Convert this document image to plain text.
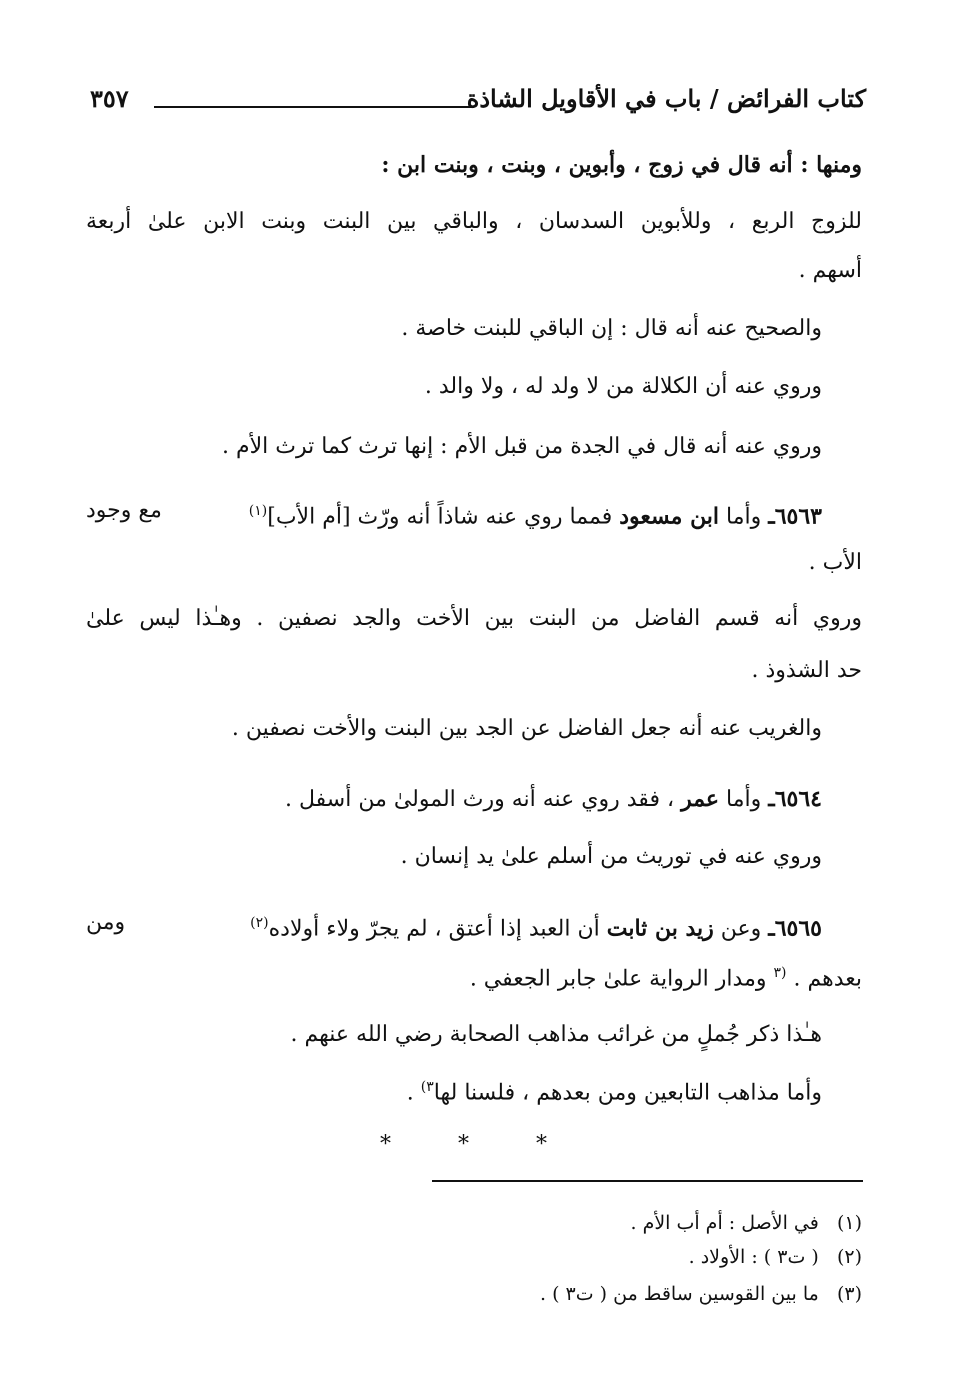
كتاب الفرائض / باب في الأقاويل الشاذة
٣٥٧
ومنها : أنه قال في زوج ، وأبوين ، وبنت ، وبنت ابن :
للزوج الربع ، وللأبوين السدسان ، والباقي بين البنت وبنت الابن علىٰ أربعة
أسهم .
والصحيح عنه أنه قال : إن الباقي للبنت خاصة .
وروي عنه أن الكلالة من لا ولد له ، ولا والد .
وروي عنه أنه قال في الجدة من قبل الأم : إنها ترث كما ترث الأم .
٦٥٦٣ـ وأما ابن مسعود فمما روي عنه شاذاً أنه ورّث [أم الأب]$^{(١)}$
مع وجود
الأب .
وروي أنه قسم الفاضل من البنت بين الأخت والجد نصفين . وهـٰذا ليس علىٰ
حد الشذوذ .
والغريب عنه أنه جعل الفاضل عن الجد بين البنت والأخت نصفين .
٦٥٦٤ـ وأما عمر ، فقد روي عنه أنه ورث المولىٰ من أسفل .
وروي عنه في توريث من أسلم علىٰ يد إنسان .
٦٥٦٥ـ وعن زيد بن ثابت أن العبد إذا أعتق ، لم يجرّ ولاء أولاده$^{(٢)}$
ومن
بعدهم . $^{(٣}$ ومدار الرواية علىٰ جابر الجعفي .
هـٰذا ذكر جُملٍ من غرائب مذاهب الصحابة رضي الله عنهم .
وأما مذاهب التابعين ومن بعدهم ، فلسنا لها$^{٣)}$ .
* * *
(١)   في الأصل : أم أب الأم .
(٢)   ( ت٣ ) : الأولاد .
(٣)   ما بين القوسين ساقط من ( ت٣ ) .
